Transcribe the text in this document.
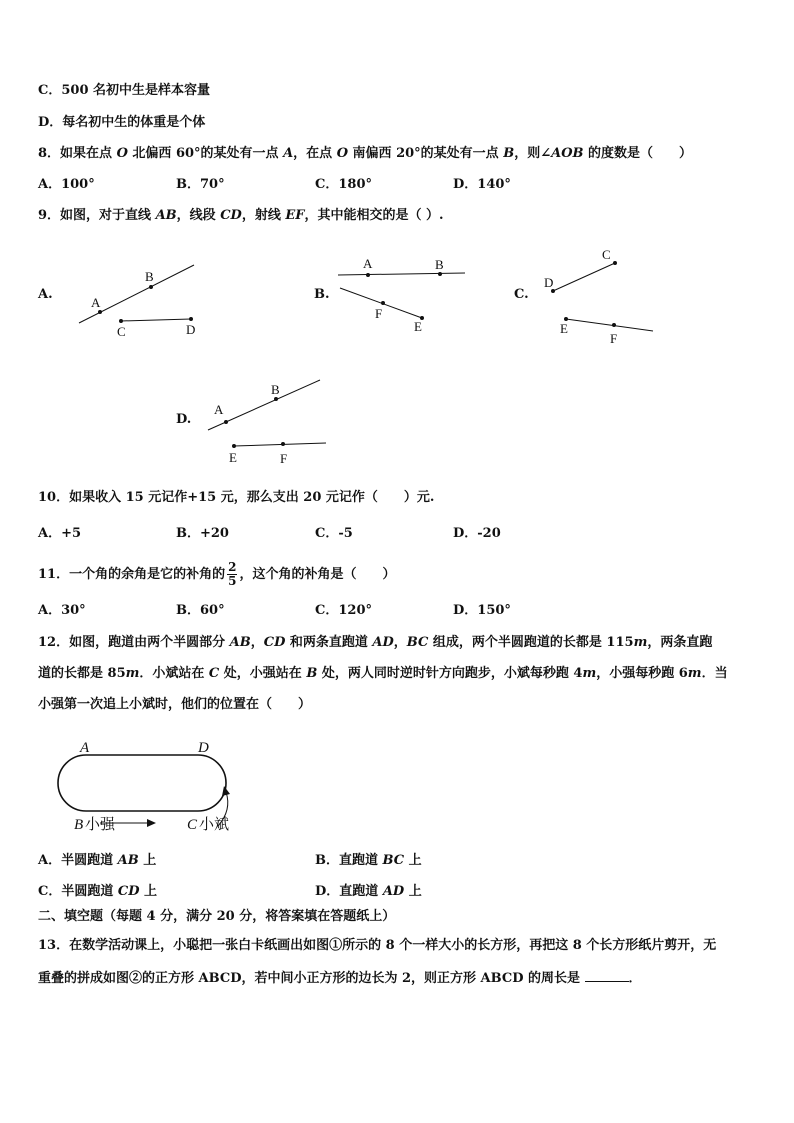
C．500 名初中生是样本容量
D．每名初中生的体重是个体
8．如果在点 O 北偏西 60°的某处有一点 A，在点 O 南偏西 20°的某处有一点 B，则∠AOB 的度数是（　　）
A．100°	B．70°	C．180°	D．140°
9．如图，对于直线 AB，线段 CD，射线 EF，其中能相交的是（ ）.
A.
A
B
C	D
B.
A	B
F
E
C.
C
D
E
F
D.
A
B
E	F
10．如果收入 15 元记作+15 元，那么支出 20 元记作（　　）元.
A．+5	B．+20	C．-5	D．-20
11．一个角的余角是它的补角的 $\frac{2}{5}$ ，这个角的补角是（　　）
A．30°	B．60°	C．120°	D．150°
12．如图，跑道由两个半圆部分 AB，CD 和两条直跑道 AD，BC 组成，两个半圆跑道的长都是 115m，两条直跑
道的长都是 85m．小斌站在 C 处，小强站在 B 处，两人同时逆时针方向跑步，小斌每秒跑 4m，小强每秒跑 6m．当
小强第一次追上小斌时，他们的位置在（　　）
A	D
B 小强	C 小斌
A．半圆跑道 AB 上	B．直跑道 BC 上
C．半圆跑道 CD 上	D．直跑道 AD 上
二、填空题（每题 4 分，满分 20 分，将答案填在答题纸上）
13．在数学活动课上，小聪把一张白卡纸画出如图①所示的 8 个一样大小的长方形，再把这 8 个长方形纸片剪开，无
重叠的拼成如图②的正方形 ABCD，若中间小正方形的边长为 2，则正方形 ABCD 的周长是	．
